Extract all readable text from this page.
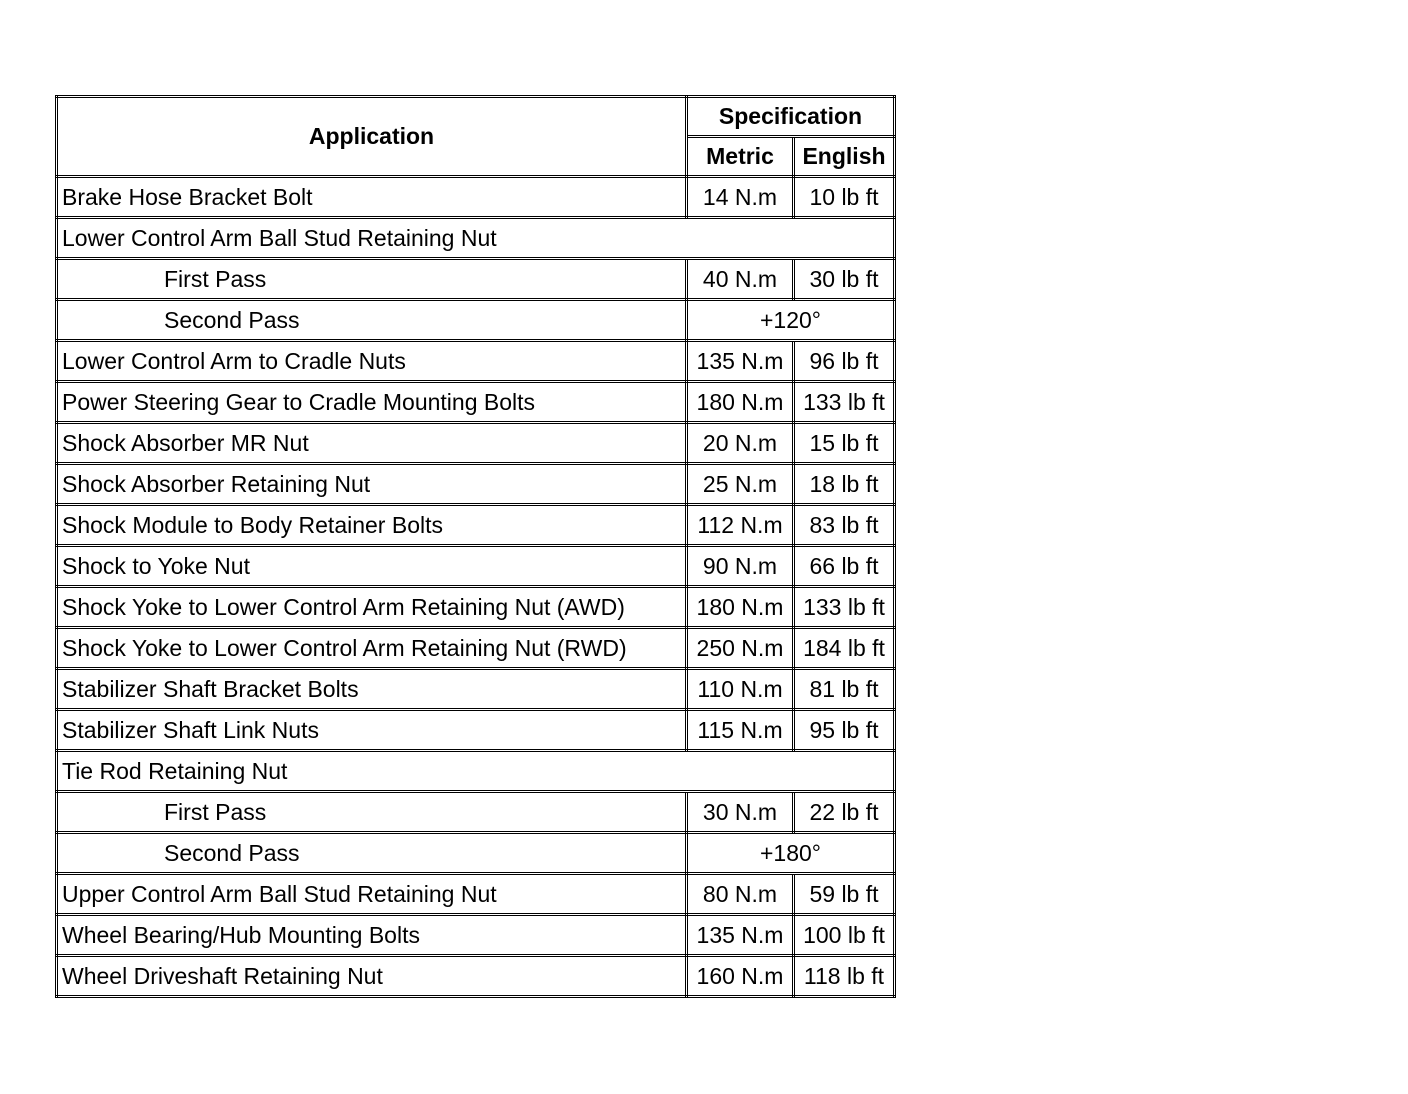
Application	Specification	
	Metric	English
Brake Hose Bracket Bolt	14 N.m	10 lb ft
Lower Control Arm Ball Stud Retaining Nut		
First Pass	40 N.m	30 lb ft
Second Pass	+120°	
Lower Control Arm to Cradle Nuts	135 N.m	96 lb ft
Power Steering Gear to Cradle Mounting Bolts	180 N.m	133 lb ft
Shock Absorber MR Nut	20 N.m	15 lb ft
Shock Absorber Retaining Nut	25 N.m	18 lb ft
Shock Module to Body Retainer Bolts	112 N.m	83 lb ft
Shock to Yoke Nut	90 N.m	66 lb ft
Shock Yoke to Lower Control Arm Retaining Nut (AWD)	180 N.m	133 lb ft
Shock Yoke to Lower Control Arm Retaining Nut (RWD)	250 N.m	184 lb ft
Stabilizer Shaft Bracket Bolts	110 N.m	81 lb ft
Stabilizer Shaft Link Nuts	115 N.m	95 lb ft
Tie Rod Retaining Nut		
First Pass	30 N.m	22 lb ft
Second Pass	+180°	
Upper Control Arm Ball Stud Retaining Nut	80 N.m	59 lb ft
Wheel Bearing/Hub Mounting Bolts	135 N.m	100 lb ft
Wheel Driveshaft Retaining Nut	160 N.m	118 lb ft
